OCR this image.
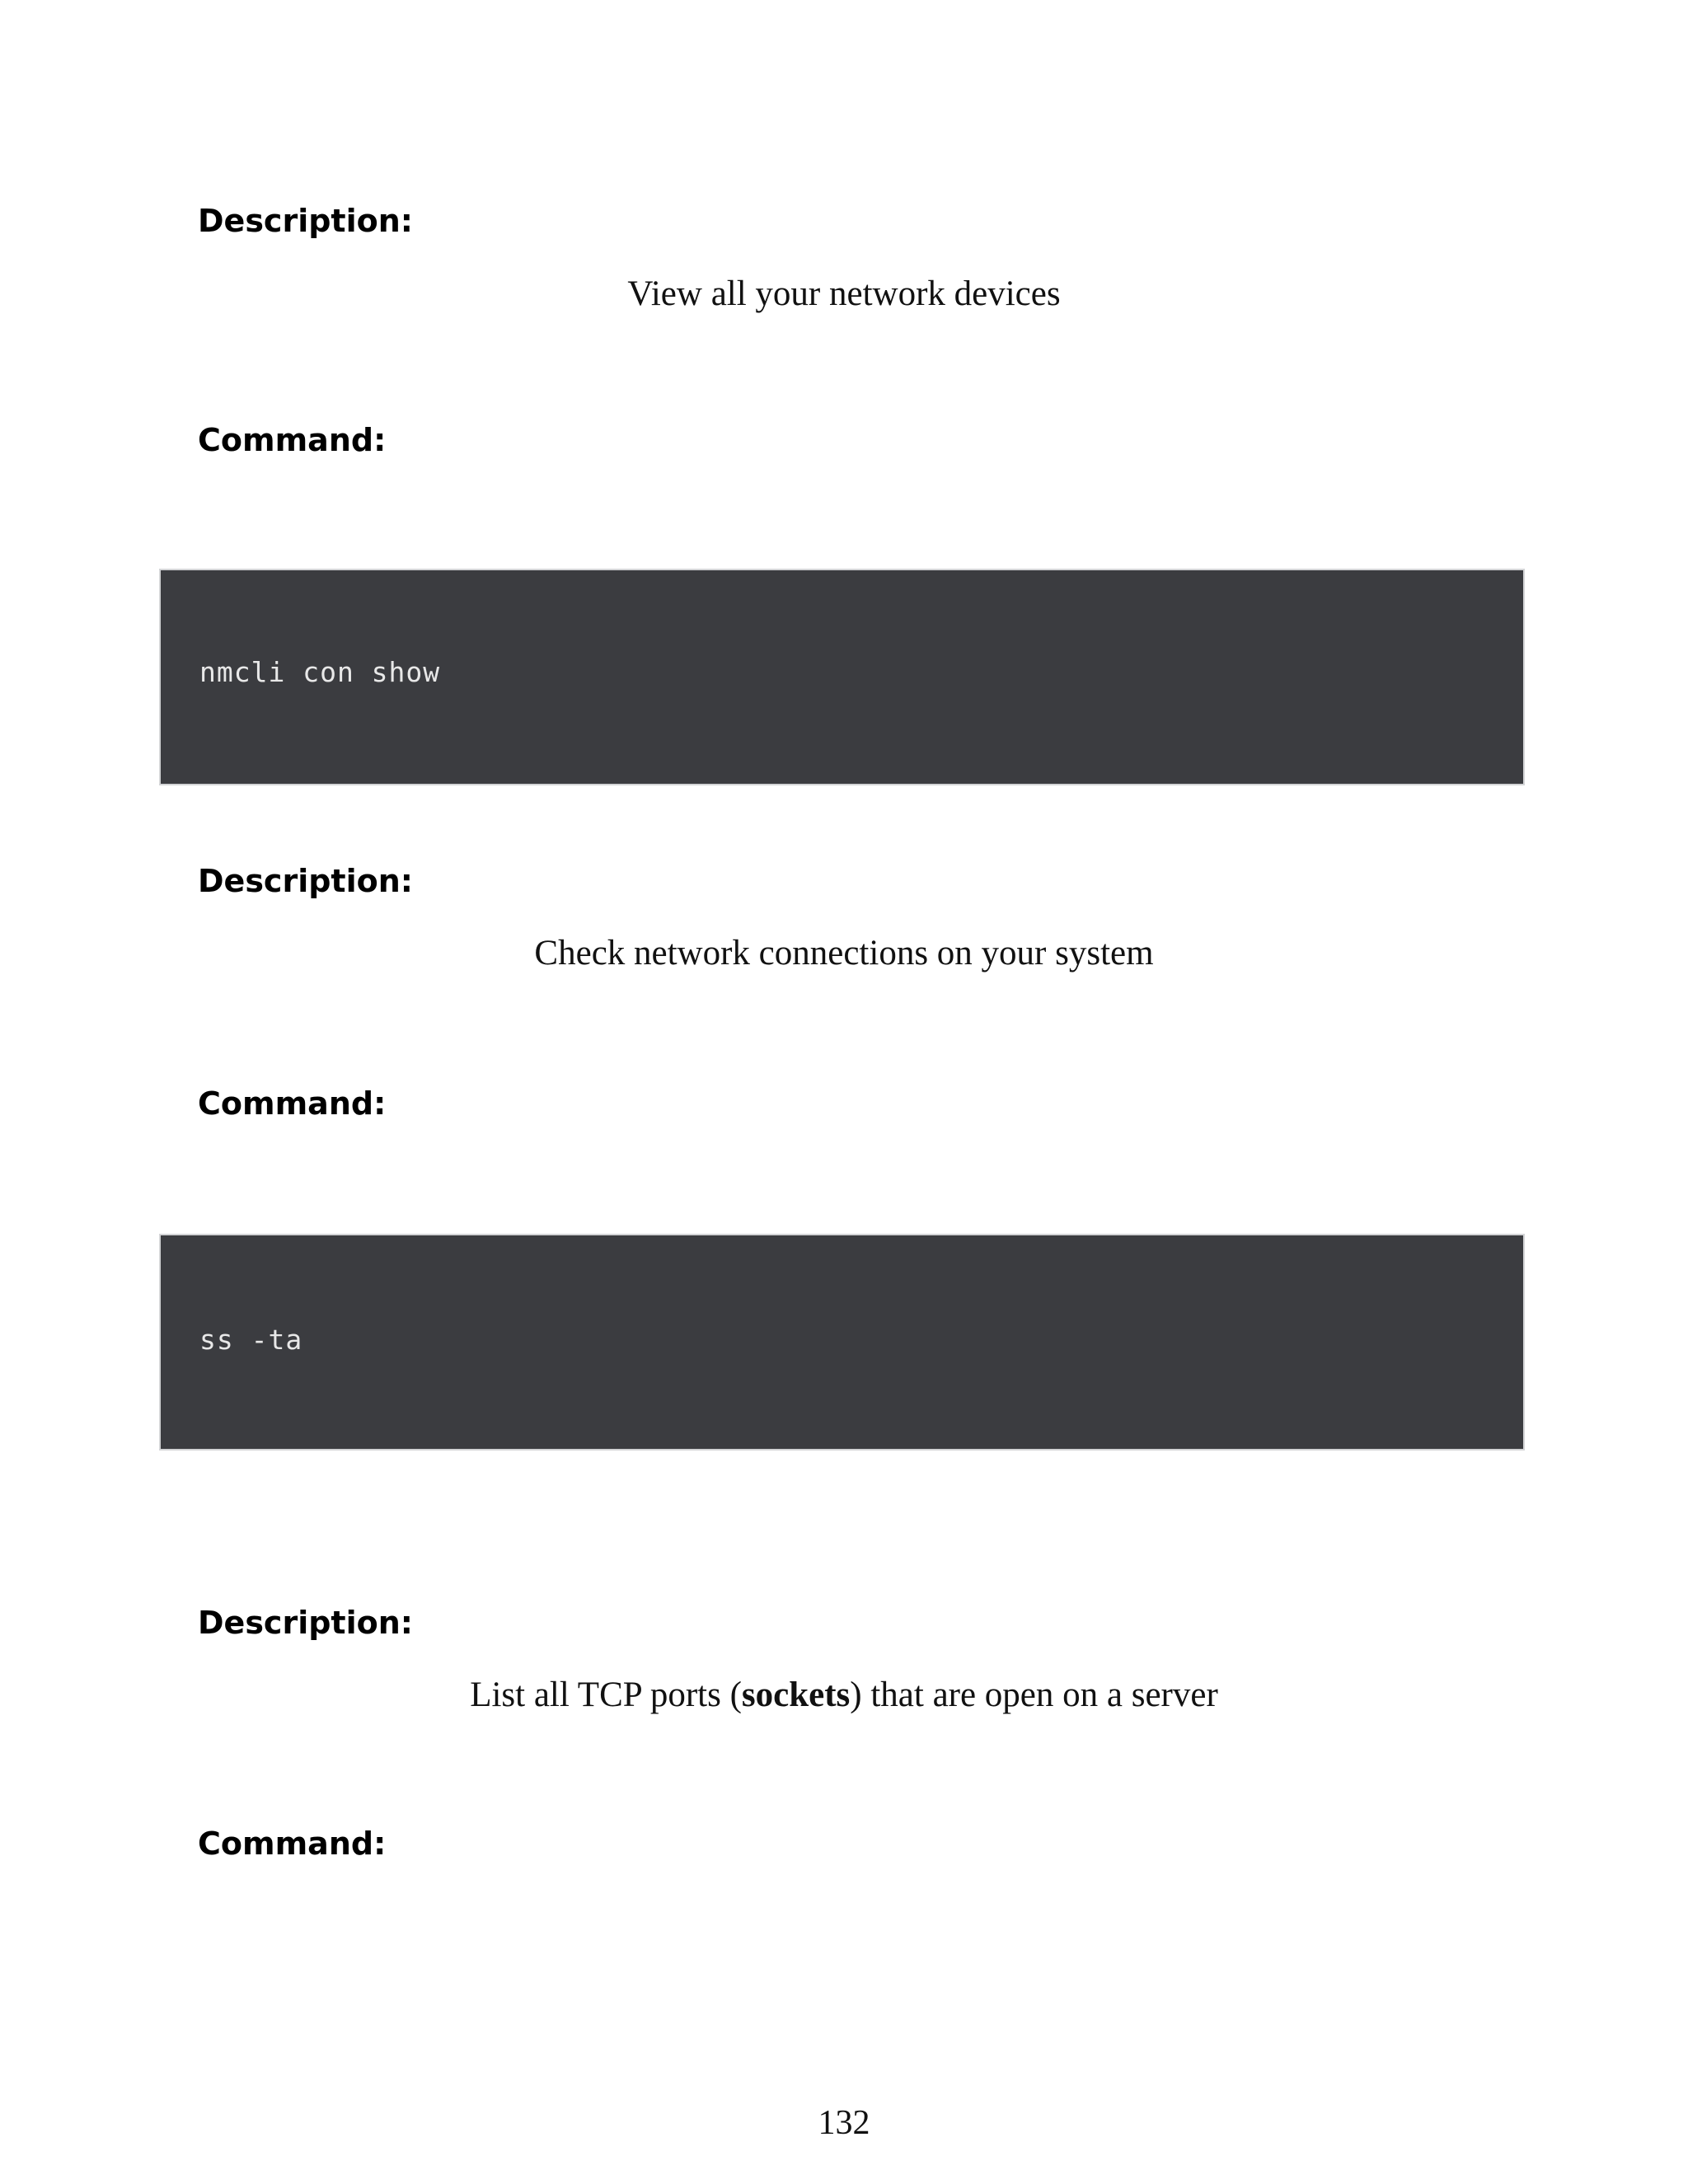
Description:

View all your network devices

Command:
nmcli con show
Description:

Check network connections on your system

Command:
ss -ta
Description:

List all TCP ports (sockets) that are open on a server

Command:

132
